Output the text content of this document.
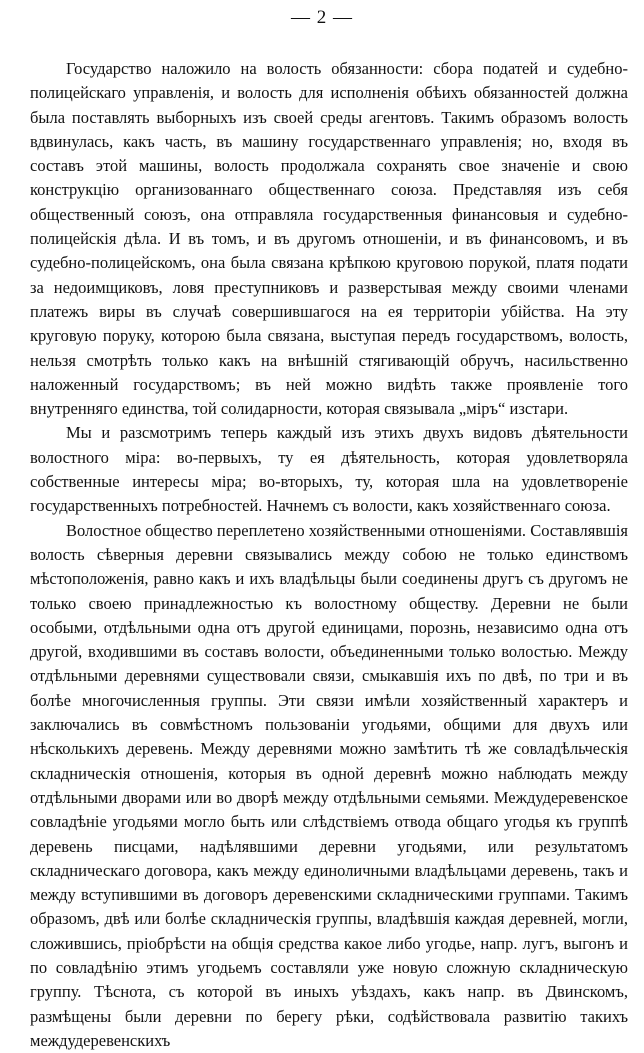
— 2 —

Государство наложило на волость обязанности: сбора податей и судебно-полицейскаго управленія, и волость для исполненія обѣихъ обязанностей должна была поставлять выборныхъ изъ своей среды агентовъ. Такимъ образомъ волость вдвинулась, какъ часть, въ машину государственнаго управленія; но, входя въ составъ этой машины, волость продолжала сохранять свое значеніе и свою конструкцію организованнаго общественнаго союза. Представляя изъ себя общественный союзъ, она отправляла государственныя финансовыя и судебно-полицейскія дѣла. И въ томъ, и въ другомъ отношеніи, и въ финансовомъ, и въ судебно-полицейскомъ, она была связана крѣпкою круговою порукой, платя подати за недоимщиковъ, ловя преступниковъ и разверстывая между своими членами платежъ виры въ случаѣ совершившагося на ея территоріи убійства. На эту круговую поруку, которою была связана, выступая передъ государствомъ, волость, нельзя смотрѣть только какъ на внѣшній стягивающій обручъ, насильственно наложенный государствомъ; въ ней можно видѣть также проявленіе того внутренняго единства, той солидарности, которая связывала „міръ“ изстари.

Мы и разсмотримъ теперь каждый изъ этихъ двухъ видовъ дѣятельности волостного міра: во-первыхъ, ту ея дѣятельность, которая удовлетворяла собственные интересы міра; во-вторыхъ, ту, которая шла на удовлетвореніе государственныхъ потребностей. Начнемъ съ волости, какъ хозяйственнаго союза.

Волостное общество переплетено хозяйственными отношеніями. Составлявшія волость сѣверныя деревни связывались между собою не только единствомъ мѣстоположенія, равно какъ и ихъ владѣльцы были соединены другъ съ другомъ не только своею принадлежностью къ волостному обществу. Деревни не были особыми, отдѣльными одна отъ другой единицами, порознь, независимо одна отъ другой, входившими въ составъ волости, объединенными только волостью. Между отдѣльными деревнями существовали связи, смыкавшія ихъ по двѣ, по три и въ болѣе многочисленныя группы. Эти связи имѣли хозяйственный характеръ и заключались въ совмѣстномъ пользованіи угодьями, общими для двухъ или нѣсколькихъ деревень. Между деревнями можно замѣтить тѣ же совладѣльческія складническія отношенія, которыя въ одной деревнѣ можно наблюдать между отдѣльными дворами или во дворѣ между отдѣльными семьями. Междудеревенское совладѣніе угодьями могло быть или слѣдствіемъ отвода общаго угодья къ группѣ деревень писцами, надѣлявшими деревни угодьями, или результатомъ складническаго договора, какъ между единоличными владѣльцами деревень, такъ и между вступившими въ договоръ деревенскими складническими группами. Такимъ образомъ, двѣ или болѣе складническія группы, владѣвшія каждая деревней, могли, сложившись, пріобрѣсти на общія средства какое либо угодье, напр. лугъ, выгонъ и по совладѣнію этимъ угодьемъ составляли уже новую сложную складническую группу. Тѣснота, съ которой въ иныхъ уѣздахъ, какъ напр. въ Двинскомъ, размѣщены были деревни по берегу рѣки, содѣйствовала развитію такихъ междудеревенскихъ
